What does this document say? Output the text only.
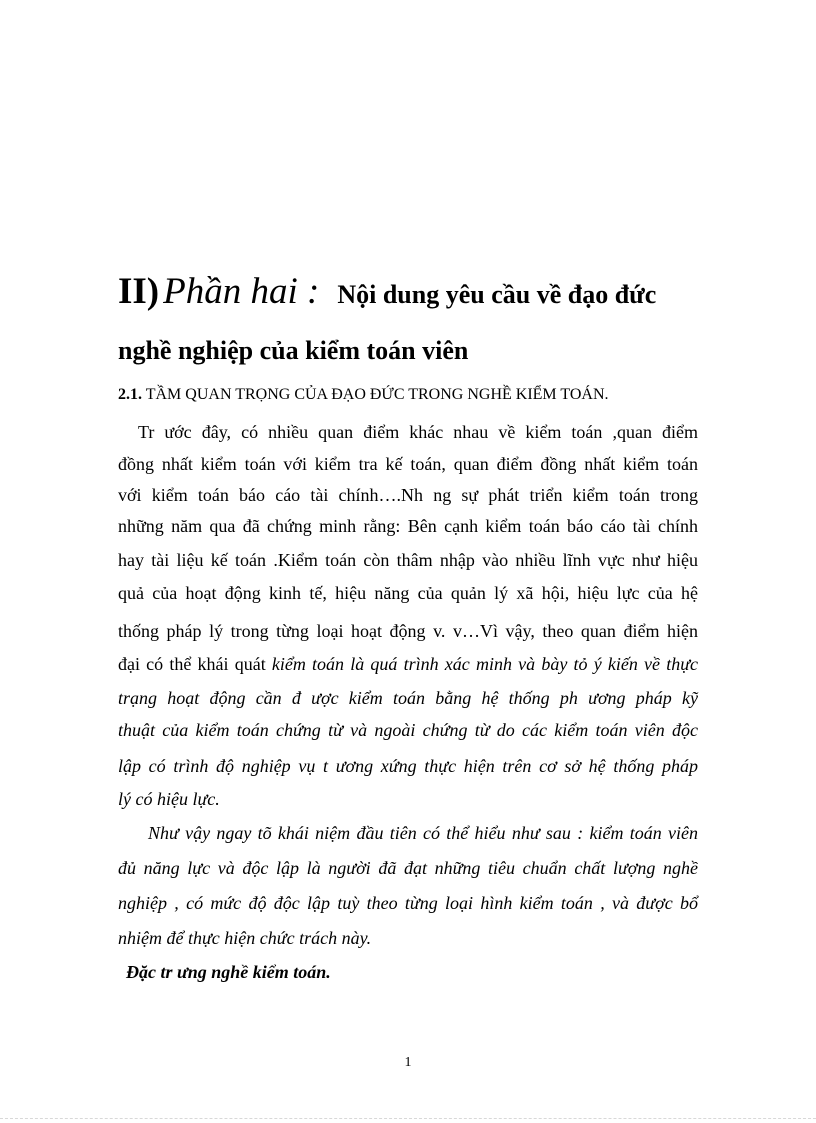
II) Phần hai : Nội dung yêu cầu về đạo đức
nghề nghiệp của kiểm toán viên
2.1. TẦM QUAN TRỌNG CỦA ĐẠO ĐỨC TRONG NGHỀ KIỂM TOÁN.
Tr ước đây, có nhiều quan điểm khác nhau về kiểm toán ,quan điểm
đồng nhất kiểm toán với kiểm tra kế toán, quan điểm đồng nhất kiểm toán
với kiểm toán báo cáo tài chính….Nh ng sự phát triển kiểm toán trong
những năm qua đã chứng minh rằng: Bên cạnh kiểm toán báo cáo tài chính
hay tài liệu kế toán .Kiểm toán còn thâm nhập vào nhiều lĩnh vực như hiệu
quả của hoạt động kinh tế, hiệu năng của quản lý xã hội, hiệu lực của hệ
thống pháp lý trong từng loại hoạt động v. v…Vì vậy, theo quan điểm hiện
đại có thể khái quát kiểm toán là quá trình xác minh và bày tỏ ý kiến về thực
trạng hoạt động cần đ ược kiểm toán bằng hệ thống ph ương pháp kỹ
thuật của kiểm toán chứng từ và ngoài chứng từ do các kiểm toán viên độc
lập có trình độ nghiệp vụ t ương xứng thực hiện trên cơ sở hệ thống pháp
lý có hiệu lực.
Như vậy ngay tõ khái niệm đầu tiên có thể hiểu như sau : kiểm toán viên
đủ năng lực và độc lập là người đã đạt những tiêu chuẩn chất lượng nghề
nghiệp , có mức độ độc lập tuỳ theo từng loại hình kiểm toán , và được bổ
nhiệm để thực hiện chức trách này.
Đặc tr ưng nghề kiểm toán.
1
